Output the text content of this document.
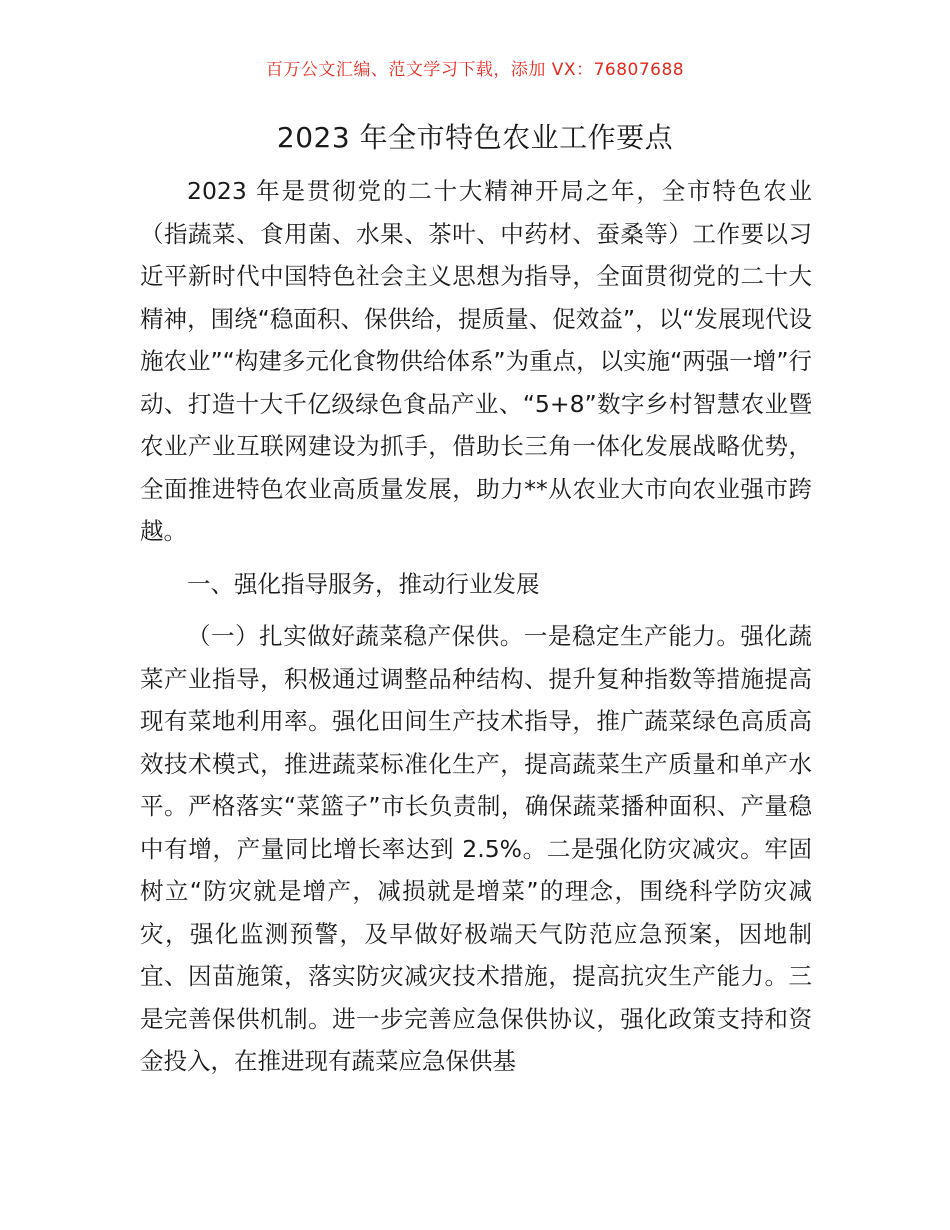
百万公文汇编、范文学习下载，添加 VX：76807688
2023 年全市特色农业工作要点

2023 年是贯彻党的二十大精神开局之年，全市特色农业（指蔬菜、食用菌、水果、茶叶、中药材、蚕桑等）工作要以习近平新时代中国特色社会主义思想为指导，全面贯彻党的二十大精神，围绕“稳面积、保供给，提质量、促效益”，以“发展现代设施农业”“构建多元化食物供给体系”为重点，以实施“两强一增”行动、打造十大千亿级绿色食品产业、“5+8”数字乡村智慧农业暨农业产业互联网建设为抓手，借助长三角一体化发展战略优势，全面推进特色农业高质量发展，助力**从农业大市向农业强市跨越。

一、强化指导服务，推动行业发展

（一）扎实做好蔬菜稳产保供。一是稳定生产能力。强化蔬菜产业指导，积极通过调整品种结构、提升复种指数等措施提高现有菜地利用率。强化田间生产技术指导，推广蔬菜绿色高质高效技术模式，推进蔬菜标准化生产，提高蔬菜生产质量和单产水平。严格落实“菜篮子”市长负责制，确保蔬菜播种面积、产量稳中有增，产量同比增长率达到 2.5%。二是强化防灾减灾。牢固树立“防灾就是增产，减损就是增菜”的理念，围绕科学防灾减灾，强化监测预警，及早做好极端天气防范应急预案，因地制宜、因苗施策，落实防灾减灾技术措施，提高抗灾生产能力。三是完善保供机制。进一步完善应急保供协议，强化政策支持和资金投入，在推进现有蔬菜应急保供基
